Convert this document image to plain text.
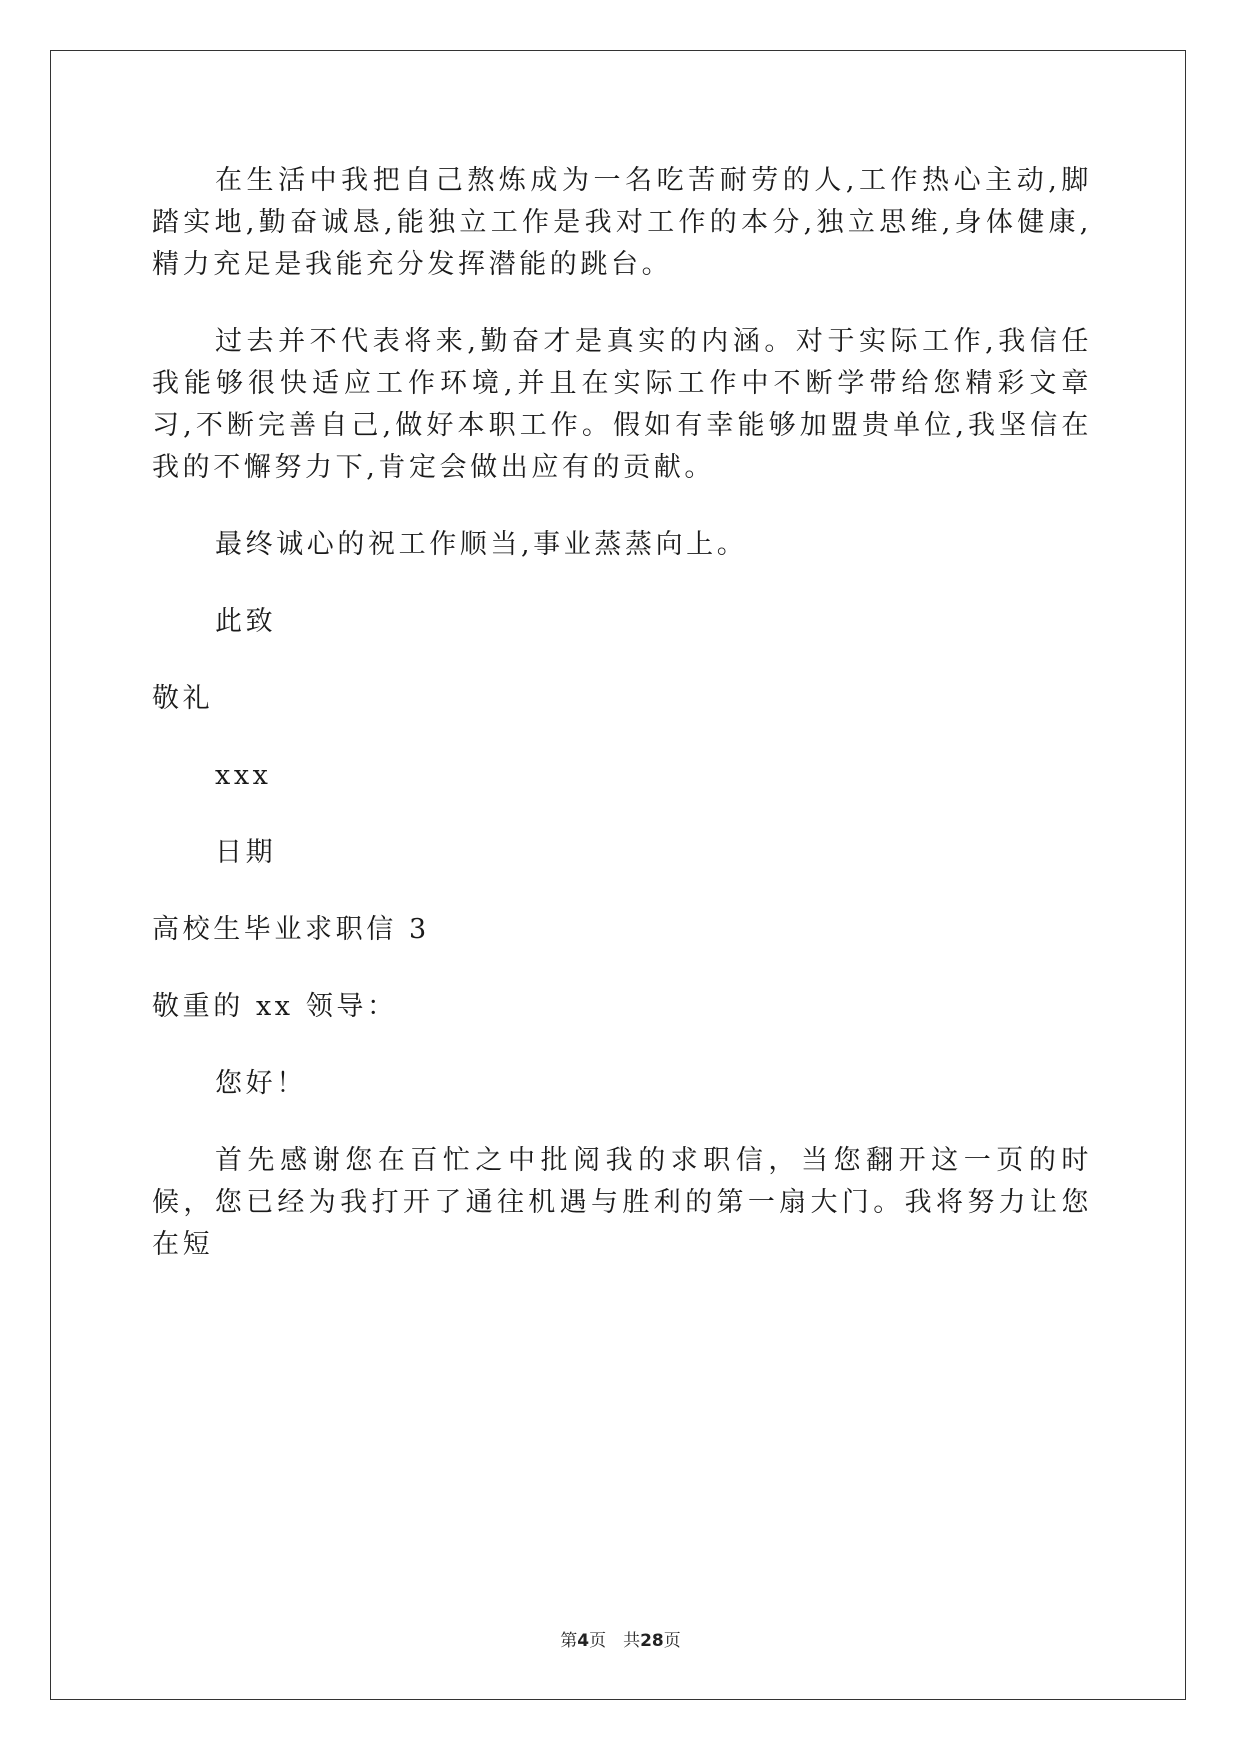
在生活中我把自己熬炼成为一名吃苦耐劳的人,工作热心主动,脚踏实地,勤奋诚恳,能独立工作是我对工作的本分,独立思维,身体健康,精力充足是我能充分发挥潜能的跳台。

过去并不代表将来,勤奋才是真实的内涵。对于实际工作,我信任我能够很快适应工作环境,并且在实际工作中不断学带给您精彩文章习,不断完善自己,做好本职工作。假如有幸能够加盟贵单位,我坚信在我的不懈努力下,肯定会做出应有的贡献。

最终诚心的祝工作顺当,事业蒸蒸向上。

此致

敬礼

xxx

日期

高校生毕业求职信 3

敬重的 xx 领导：

您好！

首先感谢您在百忙之中批阅我的求职信，当您翻开这一页的时候，您已经为我打开了通往机遇与胜利的第一扇大门。我将努力让您在短

第4页　共28页
